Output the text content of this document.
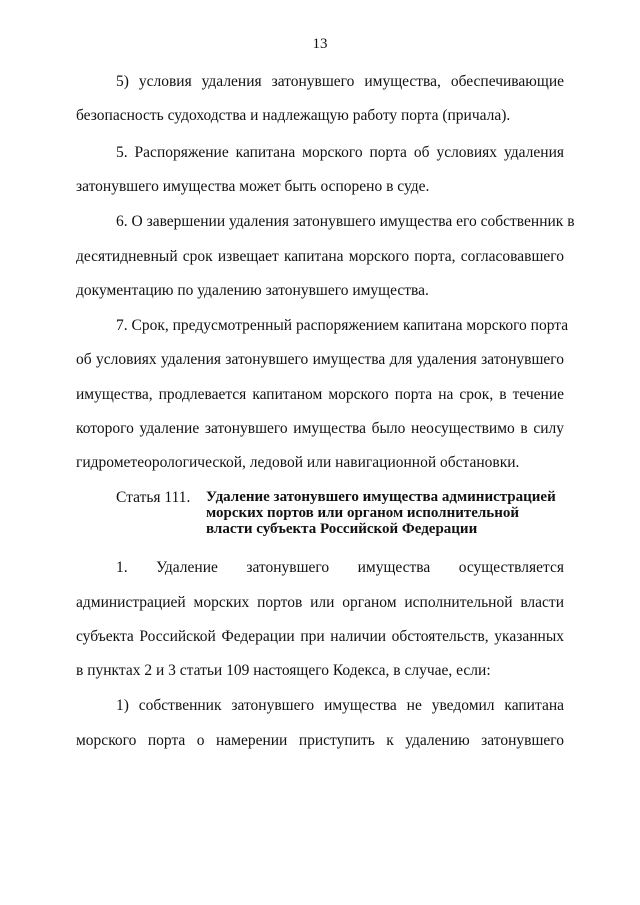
13
5) условия удаления затонувшего имущества, обеспечивающие
безопасность судоходства и надлежащую работу порта (причала).
5. Распоряжение капитана морского порта об условиях удаления
затонувшего имущества может быть оспорено в суде.
6. О завершении удаления затонувшего имущества его собственник в
десятидневный срок извещает капитана морского порта, согласовавшего
документацию по удалению затонувшего имущества.
7. Срок, предусмотренный распоряжением капитана морского порта
об условиях удаления затонувшего имущества для удаления затонувшего
имущества, продлевается капитаном морского порта на срок, в течение
которого удаление затонувшего имущества было неосуществимо в силу
гидрометеорологической, ледовой или навигационной обстановки.
Статья 111. Удаление затонувшего имущества администрацией
морских портов или органом исполнительной
власти субъекта Российской Федерации
1. Удаление затонувшего имущества осуществляется
администрацией морских портов или органом исполнительной власти
субъекта Российской Федерации при наличии обстоятельств, указанных
в пунктах 2 и 3 статьи 109 настоящего Кодекса, в случае, если:
1) собственник затонувшего имущества не уведомил капитана
морского порта о намерении приступить к удалению затонувшего
